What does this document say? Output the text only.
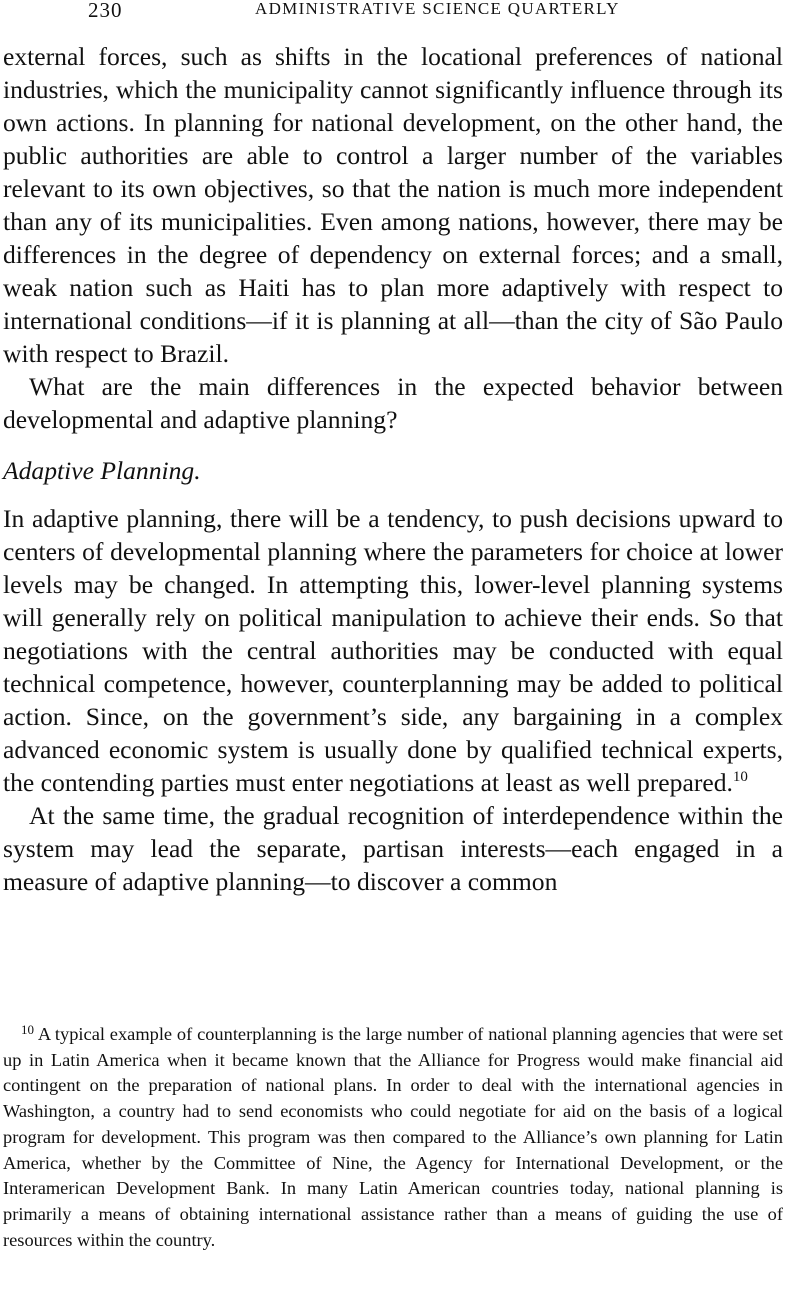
230	ADMINISTRATIVE SCIENCE QUARTERLY

external forces, such as shifts in the locational preferences of national industries, which the municipality cannot significantly influence through its own actions. In planning for national development, on the other hand, the public authorities are able to control a larger number of the variables relevant to its own objectives, so that the nation is much more independent than any of its municipalities. Even among nations, however, there may be differences in the degree of dependency on external forces; and a small, weak nation such as Haiti has to plan more adaptively with respect to international conditions—if it is planning at all—than the city of São Paulo with respect to Brazil.

What are the main differences in the expected behavior between developmental and adaptive planning?

Adaptive Planning.

In adaptive planning, there will be a tendency, to push decisions upward to centers of developmental planning where the parameters for choice at lower levels may be changed. In attempting this, lower-level planning systems will generally rely on political manipulation to achieve their ends. So that negotiations with the central authorities may be conducted with equal technical competence, however, counterplanning may be added to political action. Since, on the government’s side, any bargaining in a complex advanced economic system is usually done by qualified technical experts, the contending parties must enter negotiations at least as well prepared.$^{10}$

At the same time, the gradual recognition of interdependence within the system may lead the separate, partisan interests—each engaged in a measure of adaptive planning—to discover a common

$^{10}$ A typical example of counterplanning is the large number of national planning agencies that were set up in Latin America when it became known that the Alliance for Progress would make financial aid contingent on the preparation of national plans. In order to deal with the international agencies in Washington, a country had to send economists who could negotiate for aid on the basis of a logical program for development. This program was then compared to the Alliance’s own planning for Latin America, whether by the Committee of Nine, the Agency for International Development, or the Interamerican Development Bank. In many Latin American countries today, national planning is primarily a means of obtaining international assistance rather than a means of guiding the use of resources within the country.
